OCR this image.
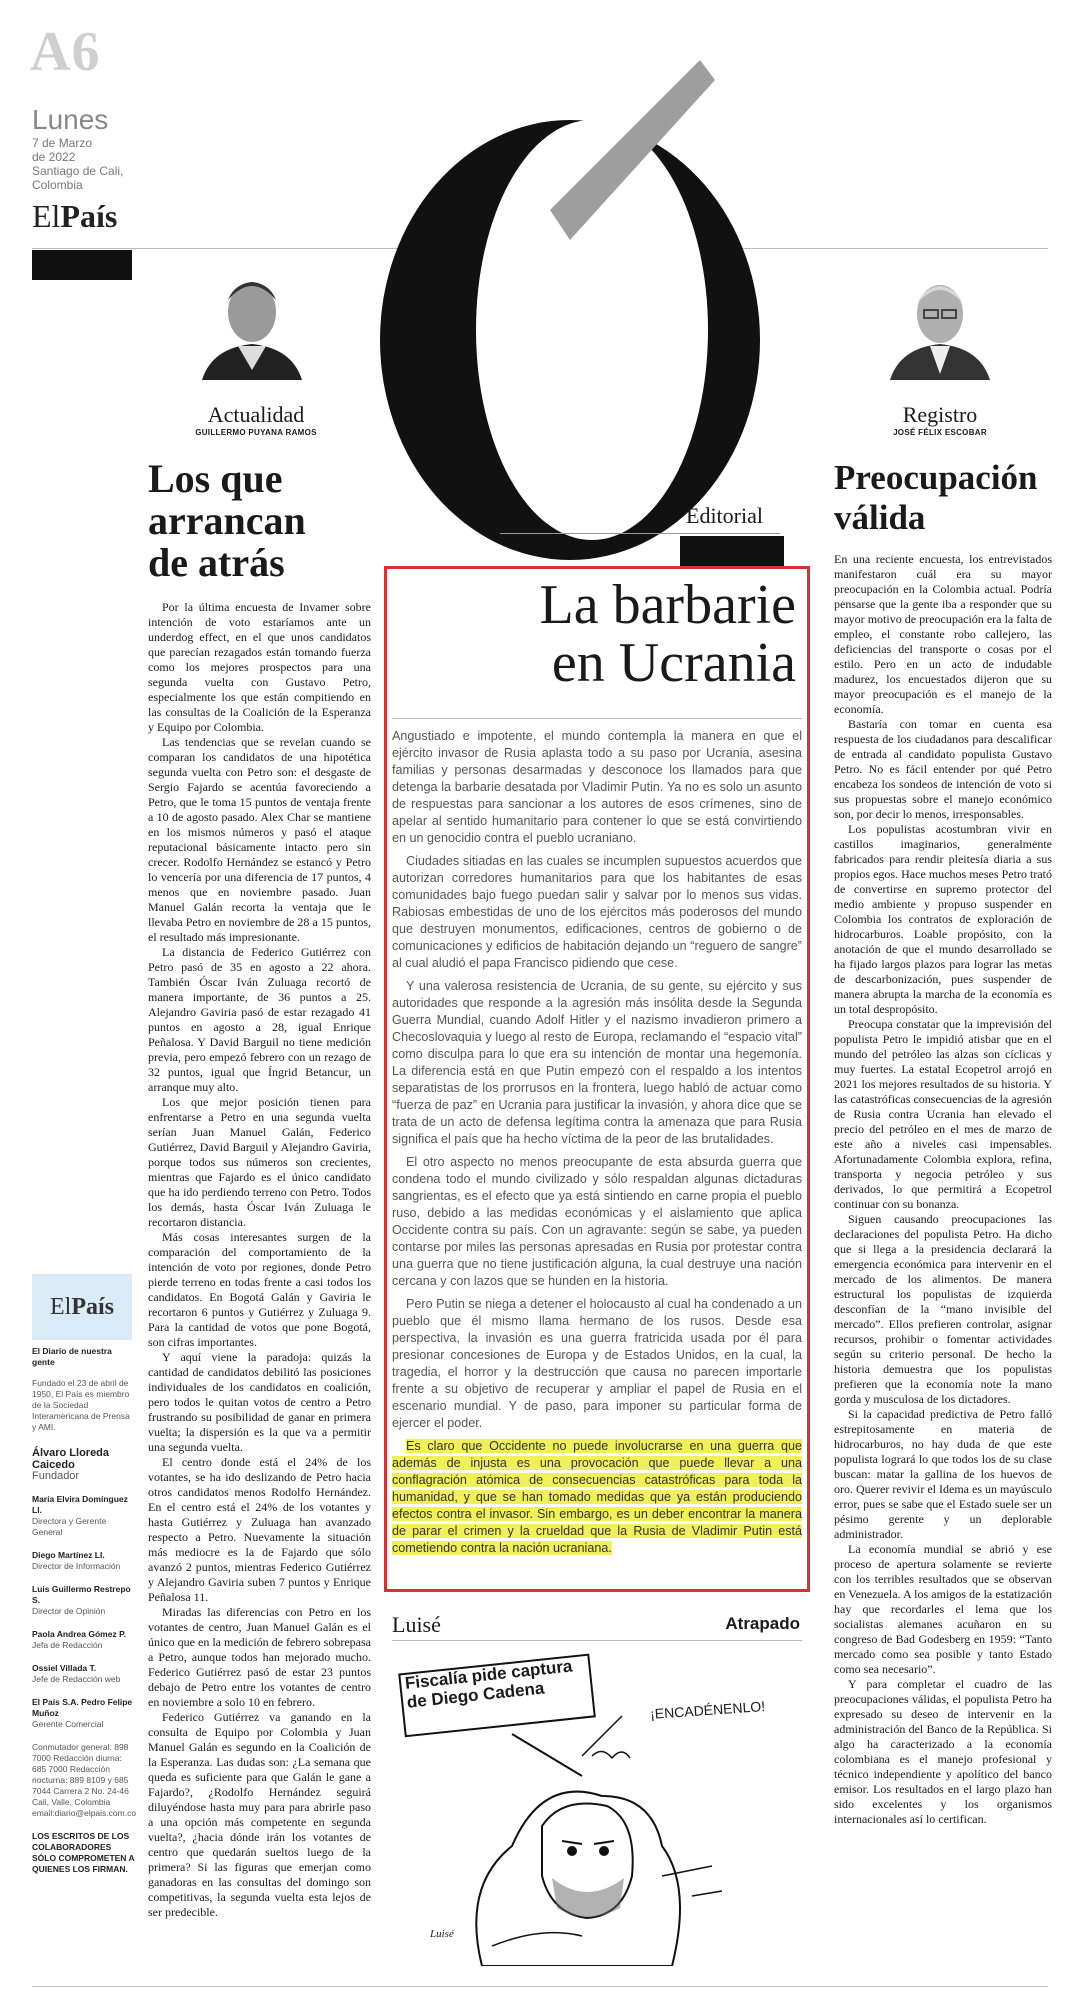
A6
Lunes
7 de Marzo
de 2022
Santiago de Cali,
Colombia
ElPaís
Actualidad
GUILLERMO PUYANA RAMOS
Registro
JOSÉ FÉLIX ESCOBAR
Los que
arrancan
de atrás

Por la última encuesta de Invamer sobre intención de voto estaríamos ante un underdog effect, en el que unos candidatos que parecían rezagados están tomando fuerza como los mejores prospectos para una segunda vuelta con Gustavo Petro, especialmente los que están compitiendo en las consultas de la Coalición de la Esperanza y Equipo por Colombia.

Las tendencias que se revelan cuando se comparan los candidatos de una hipotética segunda vuelta con Petro son: el desgaste de Sergio Fajardo se acentúa favoreciendo a Petro, que le toma 15 puntos de ventaja frente a 10 de agosto pasado. Alex Char se mantiene en los mismos números y pasó el ataque reputacional básicamente intacto pero sin crecer. Rodolfo Hernández se estancó y Petro lo vencería por una diferencia de 17 puntos, 4 menos que en noviembre pasado. Juan Manuel Galán recorta la ventaja que le llevaba Petro en noviembre de 28 a 15 puntos, el resultado más impresionante.

La distancia de Federico Gutiérrez con Petro pasó de 35 en agosto a 22 ahora. También Óscar Iván Zuluaga recortó de manera importante, de 36 puntos a 25. Alejandro Gaviria pasó de estar rezagado 41 puntos en agosto a 28, igual Enrique Peñalosa. Y David Barguil no tiene medición previa, pero empezó febrero con un rezago de 32 puntos, igual que Íngrid Betancur, un arranque muy alto.

Los que mejor posición tienen para enfrentarse a Petro en una segunda vuelta serían Juan Manuel Galán, Federico Gutiérrez, David Barguil y Alejandro Gaviria, porque todos sus números son crecientes, mientras que Fajardo es el único candidato que ha ido perdiendo terreno con Petro. Todos los demás, hasta Óscar Iván Zuluaga le recortaron distancia.

Más cosas interesantes surgen de la comparación del comportamiento de la intención de voto por regiones, donde Petro pierde terreno en todas frente a casi todos los candidatos. En Bogotá Galán y Gaviria le recortaron 6 puntos y Gutiérrez y Zuluaga 9. Para la cantidad de votos que pone Bogotá, son cifras importantes.

Y aquí viene la paradoja: quizás la cantidad de candidatos debilitó las posiciones individuales de los candidatos en coalición, pero todos le quitan votos de centro a Petro frustrando su posibilidad de ganar en primera vuelta; la dispersión es la que va a permitir una segunda vuelta.

El centro donde está el 24% de los votantes, se ha ido deslizando de Petro hacia otros candidatos menos Rodolfo Hernández. En el centro está el 24% de los votantes y hasta Gutiérrez y Zuluaga han avanzado respecto a Petro. Nuevamente la situación más mediocre es la de Fajardo que sólo avanzó 2 puntos, mientras Federico Gutiérrez y Alejandro Gaviria suben 7 puntos y Enrique Peñalosa 11.

Miradas las diferencias con Petro en los votantes de centro, Juan Manuel Galán es el único que en la medición de febrero sobrepasa a Petro, aunque todos han mejorado mucho. Federico Gutiérrez pasó de estar 23 puntos debajo de Petro entre los votantes de centro en noviembre a solo 10 en febrero.

Federico Gutiérrez va ganando en la consulta de Equipo por Colombia y Juan Manuel Galán es segundo en la Coalición de la Esperanza. Las dudas son: ¿La semana que queda es suficiente para que Galán le gane a Fajardo?, ¿Rodolfo Hernández seguirá diluyéndose hasta muy para para abrirle paso a una opción más competente en segunda vuelta?, ¿hacia dónde irán los votantes de centro que quedarán sueltos luego de la primera? Si las figuras que emerjan como ganadoras en las consultas del domingo son competitivas, la segunda vuelta esta lejos de ser predecible.

ElPaís
El Diario de nuestra gente
Fundado el 23 de abril de 1950, El País es miembro de la Sociedad Interamericana de Prensa y AMI.
Álvaro Lloreda Caicedo
Fundador
María Elvira Domínguez Ll.
Directora y Gerente General
Diego Martínez Ll.
Director de Información
Luis Guillermo Restrepo S.
Director de Opinión
Paola Andrea Gómez P.
Jefa de Redacción
Ossiel Villada T.
Jefe de Redacción web
El País S.A. Pedro Felipe Muñoz
Gerente Comercial
Conmutador general: 898 7000 Redacción diurna: 685 7000 Redacción nocturna: 889 8109 y 685 7044 Carrera 2 No. 24-46 Cali, Valle, Colombia email:diario@elpais.com.co
LOS ESCRITOS DE LOS COLABORADORES SÓLO COMPROMETEN A QUIENES LOS FIRMAN.
Editorial
La barbarie
en Ucrania

Angustiado e impotente, el mundo contempla la manera en que el ejército invasor de Rusia aplasta todo a su paso por Ucrania, asesina familias y personas desarmadas y desconoce los llamados para que detenga la barbarie desatada por Vladimir Putin. Ya no es solo un asunto de respuestas para sancionar a los autores de esos crímenes, sino de apelar al sentido humanitario para contener lo que se está convirtiendo en un genocidio contra el pueblo ucraniano.

Ciudades sitiadas en las cuales se incumplen supuestos acuerdos que autorizan corredores humanitarios para que los habitantes de esas comunidades bajo fuego puedan salir y salvar por lo menos sus vidas. Rabiosas embestidas de uno de los ejércitos más poderosos del mundo que destruyen monumentos, edificaciones, centros de gobierno o de comunicaciones y edificios de habitación dejando un “reguero de sangre” al cual aludió el papa Francisco pidiendo que cese.

Y una valerosa resistencia de Ucrania, de su gente, su ejército y sus autoridades que responde a la agresión más insólita desde la Segunda Guerra Mundial, cuando Adolf Hitler y el nazismo invadieron primero a Checoslovaquia y luego al resto de Europa, reclamando el “espacio vital” como disculpa para lo que era su intención de montar una hegemonía. La diferencia está en que Putin empezó con el respaldo a los intentos separatistas de los prorrusos en la frontera, luego habló de actuar como “fuerza de paz” en Ucrania para justificar la invasión, y ahora dice que se trata de un acto de defensa legítima contra la amenaza que para Rusia significa el país que ha hecho víctima de la peor de las brutalidades.

El otro aspecto no menos preocupante de esta absurda guerra que condena todo el mundo civilizado y sólo respaldan algunas dictaduras sangrientas, es el efecto que ya está sintiendo en carne propia el pueblo ruso, debido a las medidas económicas y el aislamiento que aplica Occidente contra su país. Con un agravante: según se sabe, ya pueden contarse por miles las personas apresadas en Rusia por protestar contra una guerra que no tiene justificación alguna, la cual destruye una nación cercana y con lazos que se hunden en la historia.

Pero Putin se niega a detener el holocausto al cual ha condenado a un pueblo que él mismo llama hermano de los rusos. Desde esa perspectiva, la invasión es una guerra fratricida usada por él para presionar concesiones de Europa y de Estados Unidos, en la cual, la tragedia, el horror y la destrucción que causa no parecen importarle frente a su objetivo de recuperar y ampliar el papel de Rusia en el escenario mundial. Y de paso, para imponer su particular forma de ejercer el poder.

Es claro que Occidente no puede involucrarse en una guerra que además de injusta es una provocación que puede llevar a una conflagración atómica de consecuencias catastróficas para toda la humanidad, y que se han tomado medidas que ya están produciendo efectos contra el invasor. Sin embargo, es un deber encontrar la manera de parar el crimen y la crueldad que la Rusia de Vladimir Putin está cometiendo contra la nación ucraniana.

Luisé	Atrapado
Fiscalía pide captura de Diego Cadena	¡ENCADÉNENLO!
Luisé
Preocupación
válida

En una reciente encuesta, los entrevistados manifestaron cuál era su mayor preocupación en la Colombia actual. Podría pensarse que la gente iba a responder que su mayor motivo de preocupación era la falta de empleo, el constante robo callejero, las deficiencias del transporte o cosas por el estilo. Pero en un acto de indudable madurez, los encuestados dijeron que su mayor preocupación es el manejo de la economía.

Bastaría con tomar en cuenta esa respuesta de los ciudadanos para descalificar de entrada al candidato populista Gustavo Petro. No es fácil entender por qué Petro encabeza los sondeos de intención de voto si sus propuestas sobre el manejo económico son, por decir lo menos, irresponsables.

Los populistas acostumbran vivir en castillos imaginarios, generalmente fabricados para rendir pleitesía diaria a sus propios egos. Hace muchos meses Petro trató de convertirse en supremo protector del medio ambiente y propuso suspender en Colombia los contratos de exploración de hidrocarburos. Loable propósito, con la anotación de que el mundo desarrollado se ha fijado largos plazos para lograr las metas de descarbonización, pues suspender de manera abrupta la marcha de la economía es un total despropósito.

Preocupa constatar que la imprevisión del populista Petro le impidió atisbar que en el mundo del petróleo las alzas son cíclicas y muy fuertes. La estatal Ecopetrol arrojó en 2021 los mejores resultados de su historia. Y las catastróficas consecuencias de la agresión de Rusia contra Ucrania han elevado el precio del petróleo en el mes de marzo de este año a niveles casi impensables. Afortunadamente Colombia explora, refina, transporta y negocia petróleo y sus derivados, lo que permitirá a Ecopetrol continuar con su bonanza.

Siguen causando preocupaciones las declaraciones del populista Petro. Ha dicho que si llega a la presidencia declarará la emergencia económica para intervenir en el mercado de los alimentos. De manera estructural los populistas de izquierda desconfían de la “mano invisible del mercado”. Ellos prefieren controlar, asignar recursos, prohibir o fomentar actividades según su criterio personal. De hecho la historia demuestra que los populistas prefieren que la economía note la mano gorda y musculosa de los dictadores.

Si la capacidad predictiva de Petro falló estrepitosamente en materia de hidrocarburos, no hay duda de que este populista logrará lo que todos los de su clase buscan: matar la gallina de los huevos de oro. Querer revivir el Idema es un mayúsculo error, pues se sabe que el Estado suele ser un pésimo gerente y un deplorable administrador.

La economía mundial se abrió y ese proceso de apertura solamente se revierte con los terribles resultados que se observan en Venezuela. A los amigos de la estatización hay que recordarles el lema que los socialistas alemanes acuñaron en su congreso de Bad Godesberg en 1959: “Tanto mercado como sea posible y tanto Estado como sea necesario”.

Y para completar el cuadro de las preocupaciones válidas, el populista Petro ha expresado su deseo de intervenir en la administración del Banco de la República. Si algo ha caracterizado a la economía colombiana es el manejo profesional y técnico independiente y apolítico del banco emisor. Los resultados en el largo plazo han sido excelentes y los organismos internacionales así lo certifican.
